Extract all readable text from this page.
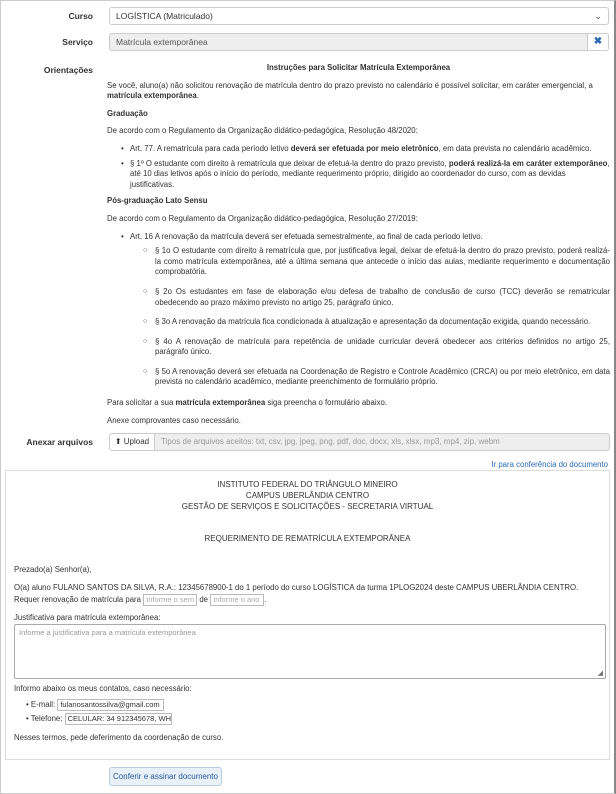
Curso	LOGÍSTICA (Matriculado)	⌄
Serviço	Matrícula extemporânea	✖
Orientações	Instruções para Solicitar Matrícula Extemporânea

Se você, aluno(a) não solicitou renovação de matrícula dentro do prazo previsto no calendário é possível solicitar, em caráter emergencial, a matrícula extemporânea.

Graduação

De acordo com o Regulamento da Organização didático-pedagógica, Resolução 48/2020:

• Art. 77. A rematrícula para cada período letivo deverá ser efetuada por meio eletrônico, em data prevista no calendário acadêmico.
• § 1º O estudante com direito à rematrícula que deixar de efetuá-la dentro do prazo previsto, poderá realizá-la em caráter extemporâneo, até 10 dias letivos após o início do período, mediante requerimento próprio, dirigido ao coordenador do curso, com as devidas justificativas.

Pós-graduação Lato Sensu

De acordo com o Regulamento da Organização didático-pedagógica, Resolução 27/2019:

• Art. 16 A renovação da matrícula deverá ser efetuada semestralmente, ao final de cada período letivo.
○ § 1o O estudante com direito à rematrícula que, por justificativa legal, deixar de efetuá-la dentro do prazo previsto, poderá realizá-la como matrícula extemporânea, até a última semana que antecede o início das aulas, mediante requerimento e documentação comprobatória.
○ § 2o Os estudantes em fase de elaboração e/ou defesa de trabalho de conclusão de curso (TCC) deverão se rematricular obedecendo ao prazo máximo previsto no artigo 25, parágrafo único.
○ § 3o A renovação da matrícula fica condicionada à atualização e apresentação da documentação exigida, quando necessário.
○ § 4o A renovação de matrícula para repetência de unidade curricular deverá obedecer aos critérios definidos no artigo 25, parágrafo único.
○ § 5o A renovação deverá ser efetuada na Coordenação de Registro e Controle Acadêmico (CRCA) ou por meio eletrônico, em data prevista no calendário acadêmico, mediante preenchimento de formulário próprio.

Para solicitar a sua matrícula extemporânea siga preencha o formulário abaixo.

Anexe comprovantes caso necessário.

Anexar arquivos	⬆ Upload	Tipos de arquivos aceitos: txt, csv, jpg, jpeg, png, pdf, doc, docx, xls, xlsx, mp3, mp4, zip, webm
Ir para conferência do documento
INSTITUTO FEDERAL DO TRIÂNGULO MINEIRO
CAMPUS UBERLÂNDIA CENTRO
GESTÃO DE SERVIÇOS E SOLICITAÇÕES - SECRETARIA VIRTUAL
REQUERIMENTO DE REMATRÍCULA EXTEMPORÂNEA
Prezado(a) Senhor(a),
O(a) aluno FULANO SANTOS DA SILVA, R.A.: 12345678900-1 do 1 período do curso LOGÍSTICA da turma 1PLOG2024 deste CAMPUS UBERLÂNDIA CENTRO. Requer renovação de matrícula para Informe o sem de Informe o ano .
Justificativa para matrícula extemporânea:
Informe a justificativa para a matrícula extemporânea
◢
Informo abaixo os meus contatos, caso necessário:
• E-mail: fulanosantossilva@gmail.com
• Telefone: CELULAR: 34 912345678, WH
Nesses termos, pede deferimento da coordenação de curso.
Conferir e assinar documento
